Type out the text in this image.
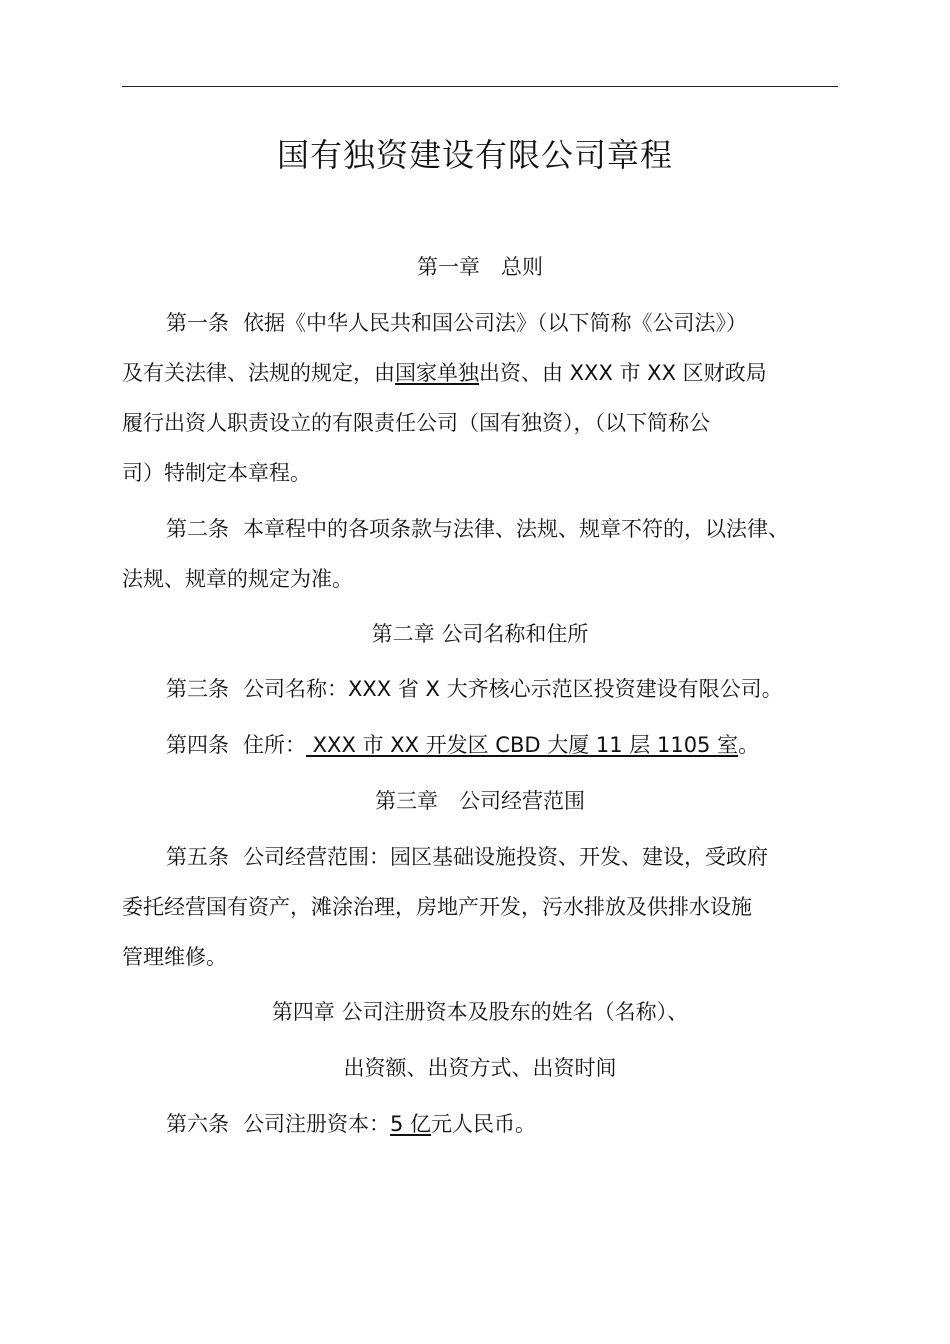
国有独资建设有限公司章程
第一章　总则

第一条 依据《中华人民共和国公司法》（以下简称《公司法》）

及有关法律、法规的规定，由国家单独出资、由 XXX 市 XX 区财政局

履行出资人职责设立的有限责任公司（国有独资），（以下简称公

司）特制定本章程。

第二条 本章程中的各项条款与法律、法规、规章不符的，以法律、

法规、规章的规定为准。

第二章 公司名称和住所

第三条 公司名称：XXX 省 X 大齐核心示范区投资建设有限公司。

第四条 住所： XXX 市 XX 开发区 CBD 大厦 11 层 1105 室。

第三章　公司经营范围

第五条 公司经营范围：园区基础设施投资、开发、建设，受政府

委托经营国有资产，滩涂治理，房地产开发，污水排放及供排水设施

管理维修。

第四章 公司注册资本及股东的姓名（名称）、
出资额、出资方式、出资时间

第六条 公司注册资本：5 亿元人民币。
